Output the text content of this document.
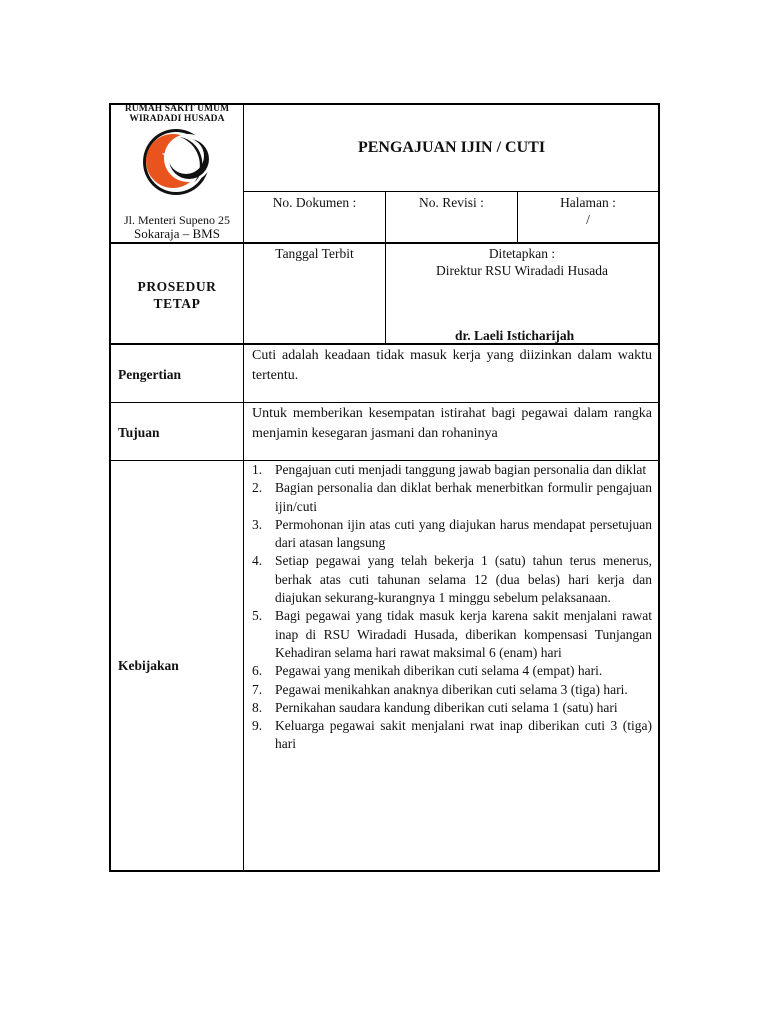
RUMAH SAKIT UMUM
WIRADADI HUSADA
Jl. Menteri Supeno 25
Sokaraja – BMS
PENGAJUAN IJIN / CUTI
No. Dokumen :	No. Revisi :	Halaman :
/
PROSEDUR
TETAP
Tanggal Terbit	Ditetapkan :
Direktur RSU Wiradadi Husada
dr. Laeli Isticharijah
Pengertian
Cuti adalah keadaan tidak masuk kerja yang diizinkan dalam waktu tertentu.
Tujuan
Untuk memberikan kesempatan istirahat bagi pegawai dalam rangka menjamin kesegaran jasmani dan rohaninya
Kebijakan
1. Pengajuan cuti menjadi tanggung jawab bagian personalia dan diklat
2. Bagian personalia dan diklat berhak menerbitkan formulir pengajuan ijin/cuti
3. Permohonan ijin atas cuti yang diajukan harus mendapat persetujuan dari atasan langsung
4. Setiap pegawai yang telah bekerja 1 (satu) tahun terus menerus, berhak atas cuti tahunan selama 12 (dua belas) hari kerja dan diajukan sekurang-kurangnya 1 minggu sebelum pelaksanaan.
5. Bagi pegawai yang tidak masuk kerja karena sakit menjalani rawat inap di RSU Wiradadi Husada, diberikan kompensasi Tunjangan Kehadiran selama hari rawat maksimal 6 (enam) hari
6. Pegawai yang menikah diberikan cuti selama 4 (empat) hari.
7. Pegawai menikahkan anaknya diberikan cuti selama 3 (tiga) hari.
8. Pernikahan saudara kandung diberikan cuti selama 1 (satu) hari
9. Keluarga pegawai sakit menjalani rwat inap diberikan cuti 3 (tiga) hari
